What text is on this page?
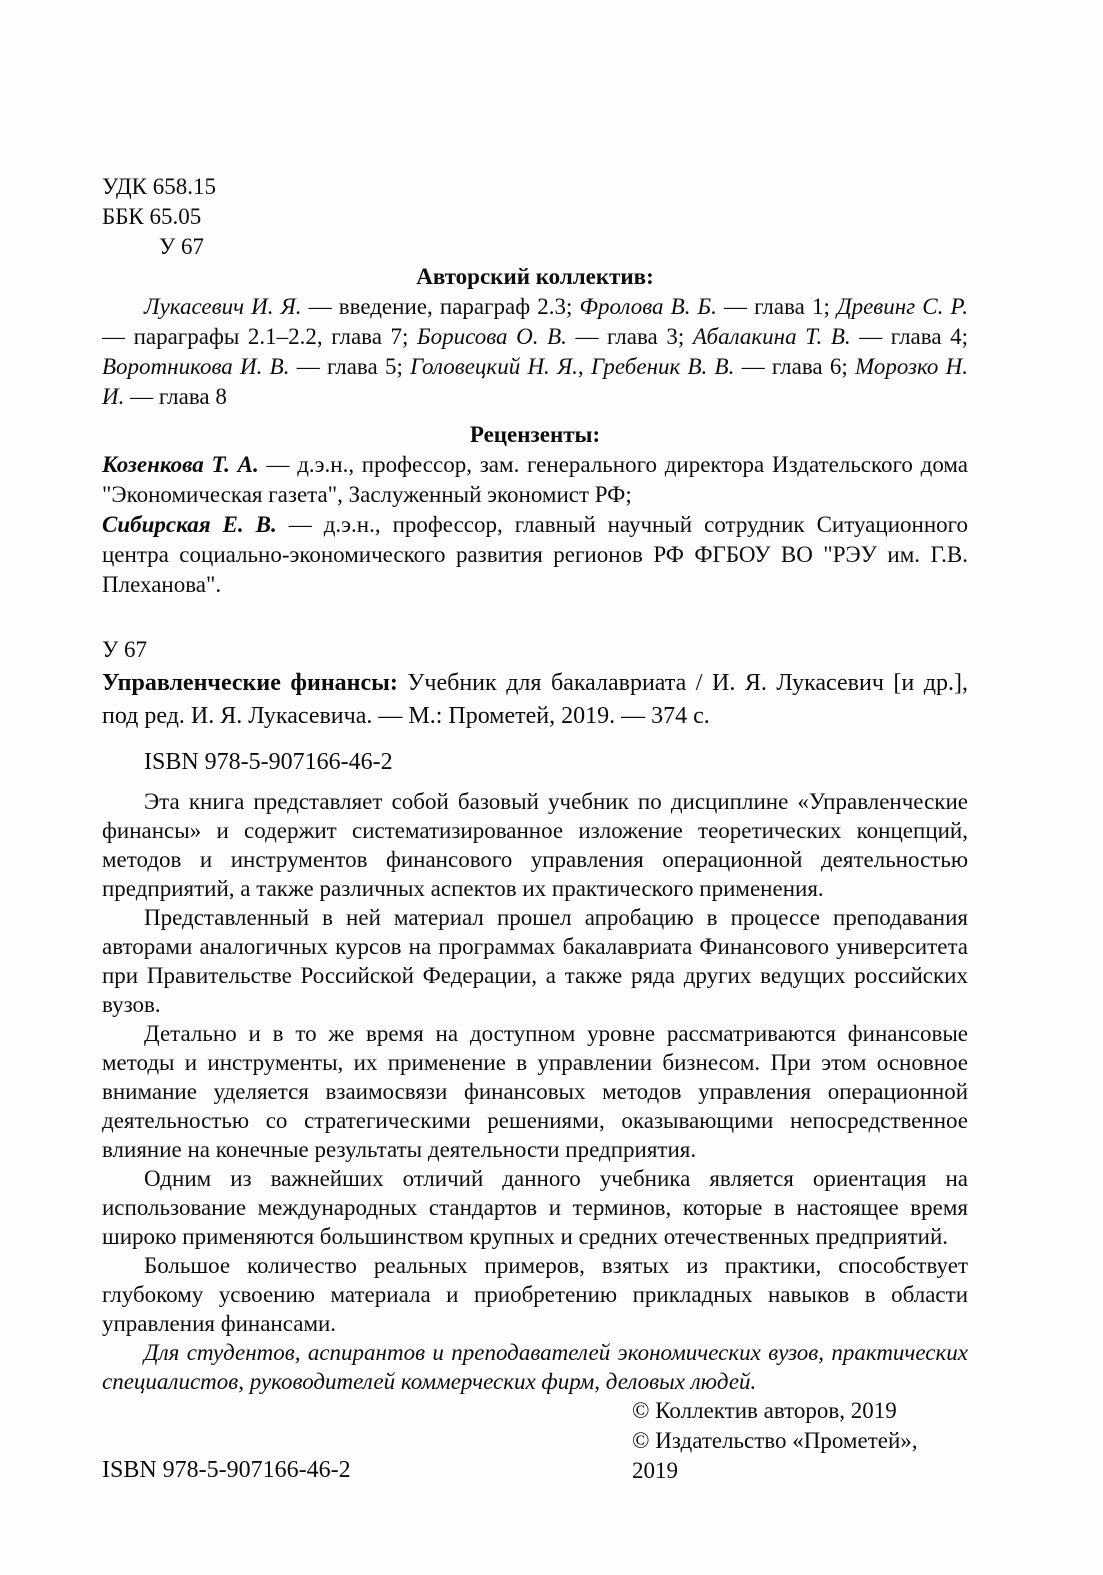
УДК 658.15

ББК 65.05

У 67

Авторский коллектив:

Лукасевич И. Я. — введение, параграф 2.3; Фролова В. Б. — глава 1; Древинг С. Р. — параграфы 2.1–2.2, глава 7; Борисова О. В. — глава 3; Абалакина Т. В. — глава 4; Воротникова И. В. — глава 5; Головецкий Н. Я., Гребеник В. В. — глава 6; Морозко Н. И. — глава 8

Рецензенты:

Козенкова Т. А. — д.э.н., профессор, зам. генерального директора Издательского дома "Экономическая газета", Заслуженный экономист РФ;

Сибирская Е. В. — д.э.н., профессор, главный научный сотрудник Ситуационного центра социально-экономического развития регионов РФ ФГБОУ ВО "РЭУ им. Г.В. Плеханова".

У 67

Управленческие финансы: Учебник для бакалавриата / И. Я. Лукасевич [и др.], под ред. И. Я. Лукасевича. — М.: Прометей, 2019. — 374 с.

ISBN 978-5-907166-46-2

Эта книга представляет собой базовый учебник по дисциплине «Управленческие финансы» и содержит систематизированное изложение теоретических концепций, методов и инструментов финансового управления операционной деятельностью предприятий, а также различных аспектов их практического применения.

Представленный в ней материал прошел апробацию в процессе преподавания авторами аналогичных курсов на программах бакалавриата Финансового университета при Правительстве Российской Федерации, а также ряда других ведущих российских вузов.

Детально и в то же время на доступном уровне рассматриваются финансовые методы и инструменты, их применение в управлении бизнесом. При этом основное внимание уделяется взаимосвязи финансовых методов управления операционной деятельностью со стратегическими решениями, оказывающими непосредственное влияние на конечные результаты деятельности предприятия.

Одним из важнейших отличий данного учебника является ориентация на использование международных стандартов и терминов, которые в настоящее время широко применяются большинством крупных и средних отечественных предприятий.

Большое количество реальных примеров, взятых из практики, способствует глубокому усвоению материала и приобретению прикладных навыков в области управления финансами.

Для студентов, аспирантов и преподавателей экономических вузов, практических специалистов, руководителей коммерческих фирм, деловых людей.

© Коллектив авторов, 2019
© Издательство «Прометей», 2019
ISBN 978-5-907166-46-2
